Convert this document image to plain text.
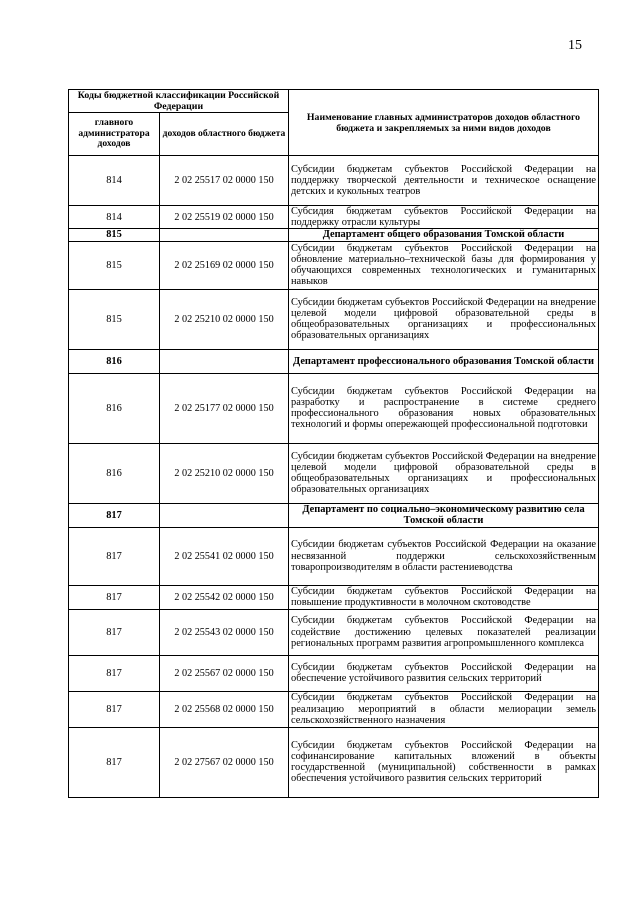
15
Коды бюджетной классификации Российской Федерации		Наименование главных администраторов доходов областного бюджета и закрепляемых за ними видов доходов
главного администратора доходов	доходов областного бюджета	
814	2 02 25517 02 0000 150	Субсидии бюджетам субъектов Российской Федерации на поддержку творческой деятельности и техническое оснащение детских и кукольных театров
814	2 02 25519 02 0000 150	Субсидия бюджетам субъектов Российской Федерации на поддержку отрасли культуры
815		Департамент общего образования Томской области
815	2 02 25169 02 0000 150	Субсидии бюджетам субъектов Российской Федерации на обновление материально–технической базы для формирования у обучающихся современных технологических и гуманитарных навыков
815	2 02 25210 02 0000 150	Субсидии бюджетам субъектов Российской Федерации на внедрение целевой модели цифровой образовательной среды в общеобразовательных организациях и профессиональных образовательных организациях
816		Департамент профессионального образования Томской области
816	2 02 25177 02 0000 150	Субсидии бюджетам субъектов Российской Федерации на разработку и распространение в системе среднего профессионального образования новых образовательных технологий и формы опережающей профессиональной подготовки
816	2 02 25210 02 0000 150	Субсидии бюджетам субъектов Российской Федерации на внедрение целевой модели цифровой образовательной среды в общеобразовательных организациях и профессиональных образовательных организациях
817		Департамент по социально–экономическому развитию села Томской области
817	2 02 25541 02 0000 150	Субсидии бюджетам субъектов Российской Федерации на оказание несвязанной поддержки сельскохозяйственным товаропроизводителям в области растениеводства
817	2 02 25542 02 0000 150	Субсидии бюджетам субъектов Российской Федерации на повышение продуктивности в молочном скотоводстве
817	2 02 25543 02 0000 150	Субсидии бюджетам субъектов Российской Федерации на содействие достижению целевых показателей реализации региональных программ развития агропромышленного комплекса
817	2 02 25567 02 0000 150	Субсидии бюджетам субъектов Российской Федерации на обеспечение устойчивого развития сельских территорий
817	2 02 25568 02 0000 150	Субсидии бюджетам субъектов Российской Федерации на реализацию мероприятий в области мелиорации земель сельскохозяйственного назначения
817	2 02 27567 02 0000 150	Субсидии бюджетам субъектов Российской Федерации на софинансирование капитальных вложений в объекты государственной (муниципальной) собственности в рамках обеспечения устойчивого развития сельских территорий
